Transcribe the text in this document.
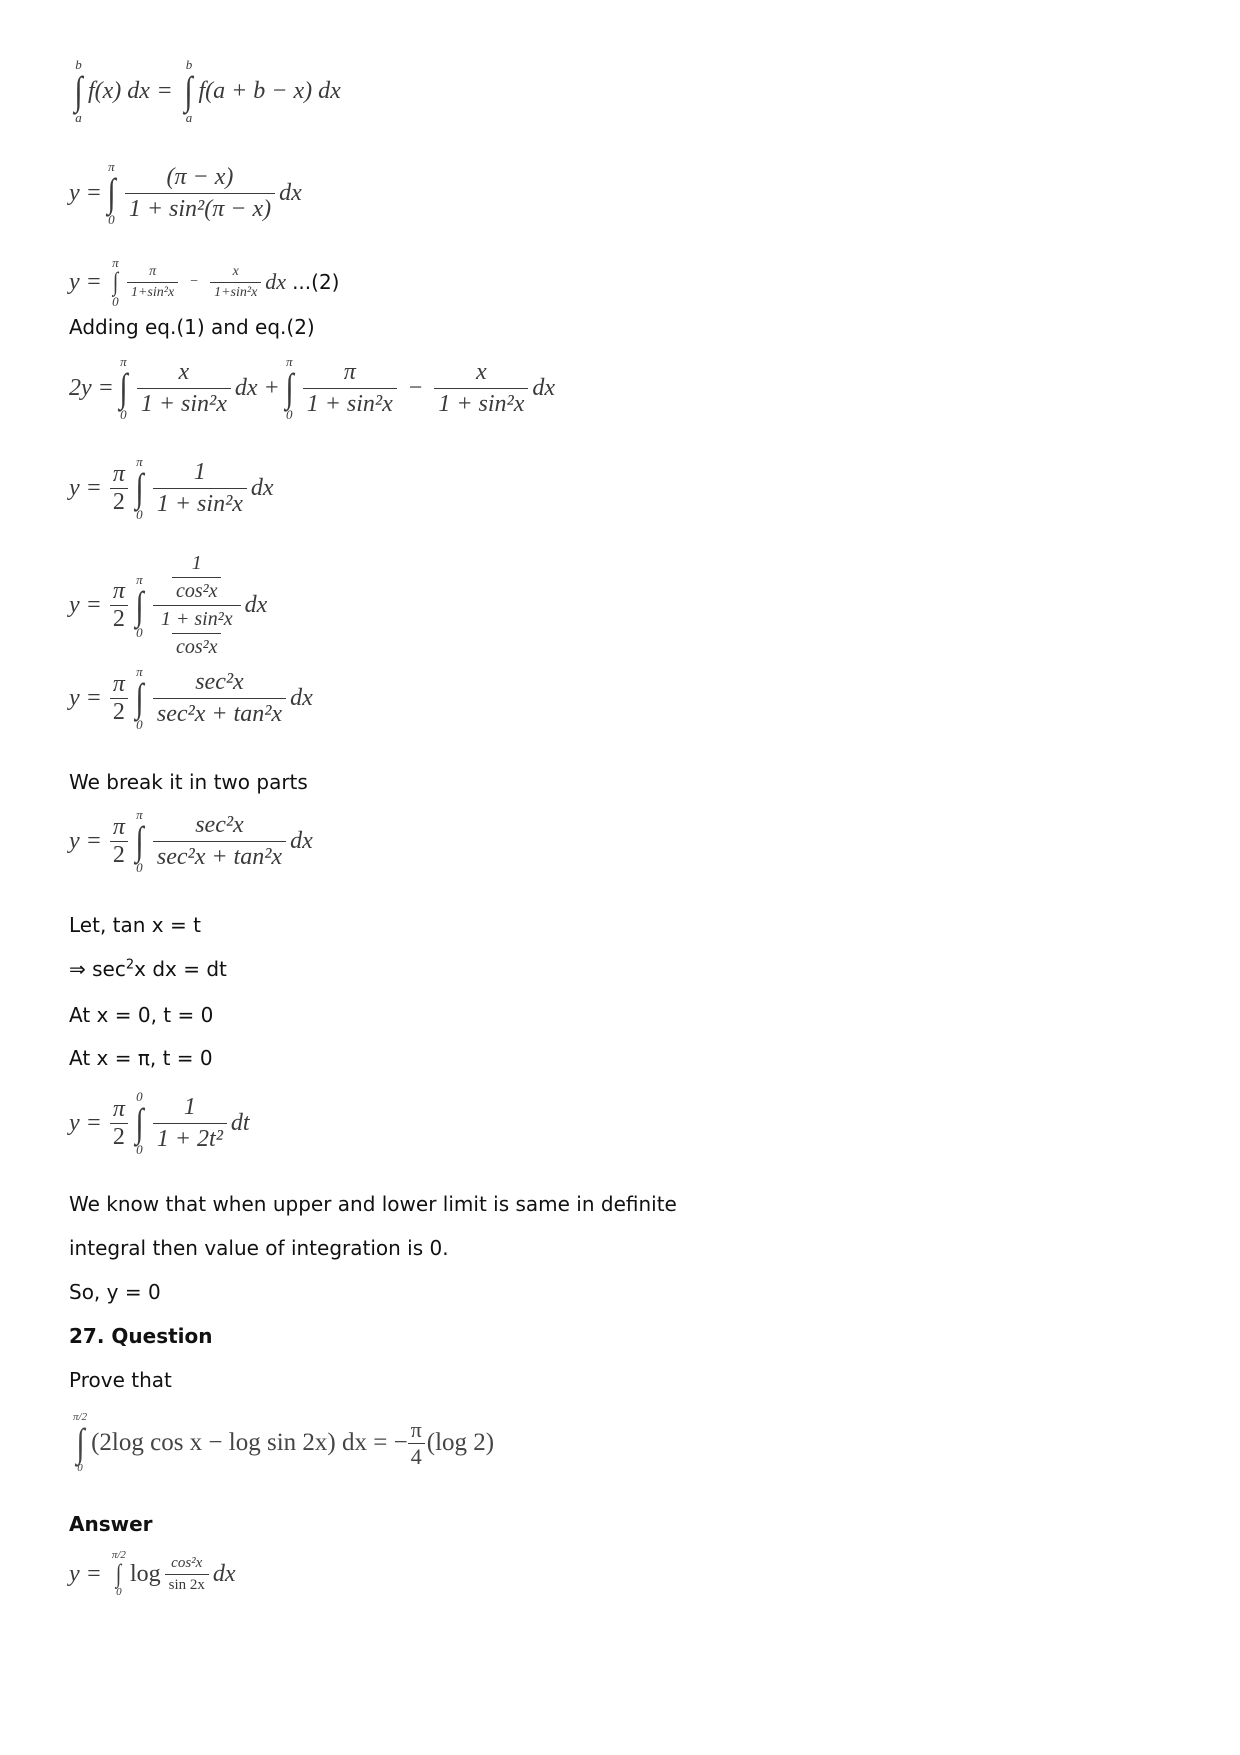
b
∫
a
f(x) dx =
b
∫
a
f(a + b − x) dx
y =
π
∫
$0 \frac{(\pi - x)}{\text{1 + sin²(π − x)}}$ dx
y =
π
∫
0
$\frac{\pi}{\text{1+sin²x}} - \frac{x}{\text{1+sin²x}}$ dx ...(2)
Adding eq.(1) and eq.(2)
2y =
π
∫
$0 \frac{x}{\text{1 + sin²x}}$ dx +
π
∫
$0 \frac{\pi}{\text{1 + sin²x}} - \frac{x}{\text{1 + sin²x}}$ dx
$y = \frac{\pi}{2}$ π
∫
$0 \frac{1}{\text{1 + sin²x}}$ dx
$y = \frac{\pi}{2}$ π
∫
$0 \frac{\frac{1}{\text{cos²x}}}{\frac{\text{1 + sin²x}}{\text{cos²x}}}$ dx
$y = \frac{\pi}{2}$ π
∫
$0 \frac{\text{sec²x}}{\text{sec²x + tan²x}}$ dx
We break it in two parts
$y = \frac{\pi}{2}$ π
∫
$0 \frac{\text{sec²x}}{\text{sec²x + tan²x}}$ dx
Let, tan x = t
⇒ $\sec^2x$ dx = dt
At x = 0, t = 0
At x = π, t = 0
$y = \frac{\pi}{2} 0$
∫
$0 \frac{1}{\text{1 + 2t²}}$ dt
We know that when upper and lower limit is same in definite
integral then value of integration is 0.
So, y = 0
27. Question
Prove that
π/2
∫
0
(2log cos x − log sin 2x) dx = − $\frac{\pi}{4} (\log$ 2)
Answer
y =
π/2
∫
0
$\log \frac{\text{cos²x}}{\sin 2x}$ dx
